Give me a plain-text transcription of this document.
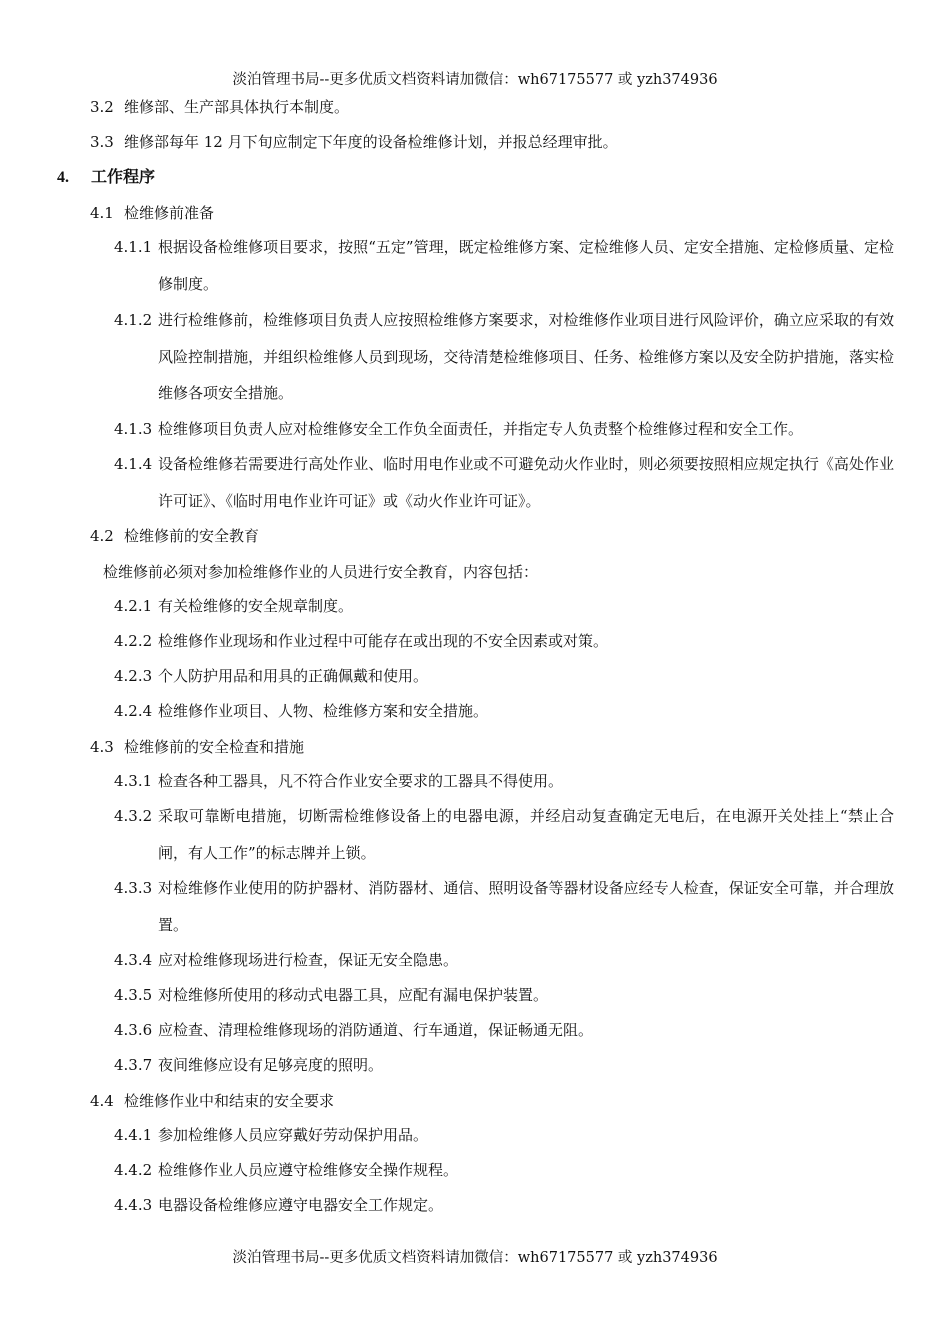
淡泊管理书局--更多优质文档资料请加微信：wh67175577 或 yzh374936
3.2 维修部、生产部具体执行本制度。
3.3 维修部每年 12 月下旬应制定下年度的设备检维修计划，并报总经理审批。
4. 工作程序
4.1 检维修前准备
4.1.1 根据设备检维修项目要求，按照“五定”管理，既定检维修方案、定检维修人员、定安全措施、定检修质量、定检修制度。
4.1.2 进行检维修前，检维修项目负责人应按照检维修方案要求，对检维修作业项目进行风险评价，确立应采取的有效风险控制措施，并组织检维修人员到现场，交待清楚检维修项目、任务、检维修方案以及安全防护措施，落实检维修各项安全措施。
4.1.3 检维修项目负责人应对检维修安全工作负全面责任，并指定专人负责整个检维修过程和安全工作。
4.1.4 设备检维修若需要进行高处作业、临时用电作业或不可避免动火作业时，则必须要按照相应规定执行《高处作业许可证》、《临时用电作业许可证》或《动火作业许可证》。
4.2 检维修前的安全教育
检维修前必须对参加检维修作业的人员进行安全教育，内容包括：
4.2.1 有关检维修的安全规章制度。
4.2.2 检维修作业现场和作业过程中可能存在或出现的不安全因素或对策。
4.2.3 个人防护用品和用具的正确佩戴和使用。
4.2.4 检维修作业项目、人物、检维修方案和安全措施。
4.3 检维修前的安全检查和措施
4.3.1 检查各种工器具，凡不符合作业安全要求的工器具不得使用。
4.3.2 采取可靠断电措施，切断需检维修设备上的电器电源，并经启动复查确定无电后，在电源开关处挂上“禁止合闸，有人工作”的标志牌并上锁。
4.3.3 对检维修作业使用的防护器材、消防器材、通信、照明设备等器材设备应经专人检查，保证安全可靠，并合理放置。
4.3.4 应对检维修现场进行检查，保证无安全隐患。
4.3.5 对检维修所使用的移动式电器工具，应配有漏电保护装置。
4.3.6 应检查、清理检维修现场的消防通道、行车通道，保证畅通无阻。
4.3.7 夜间维修应设有足够亮度的照明。
4.4 检维修作业中和结束的安全要求
4.4.1 参加检维修人员应穿戴好劳动保护用品。
4.4.2 检维修作业人员应遵守检维修安全操作规程。
4.4.3 电器设备检维修应遵守电器安全工作规定。
淡泊管理书局--更多优质文档资料请加微信：wh67175577 或 yzh374936
